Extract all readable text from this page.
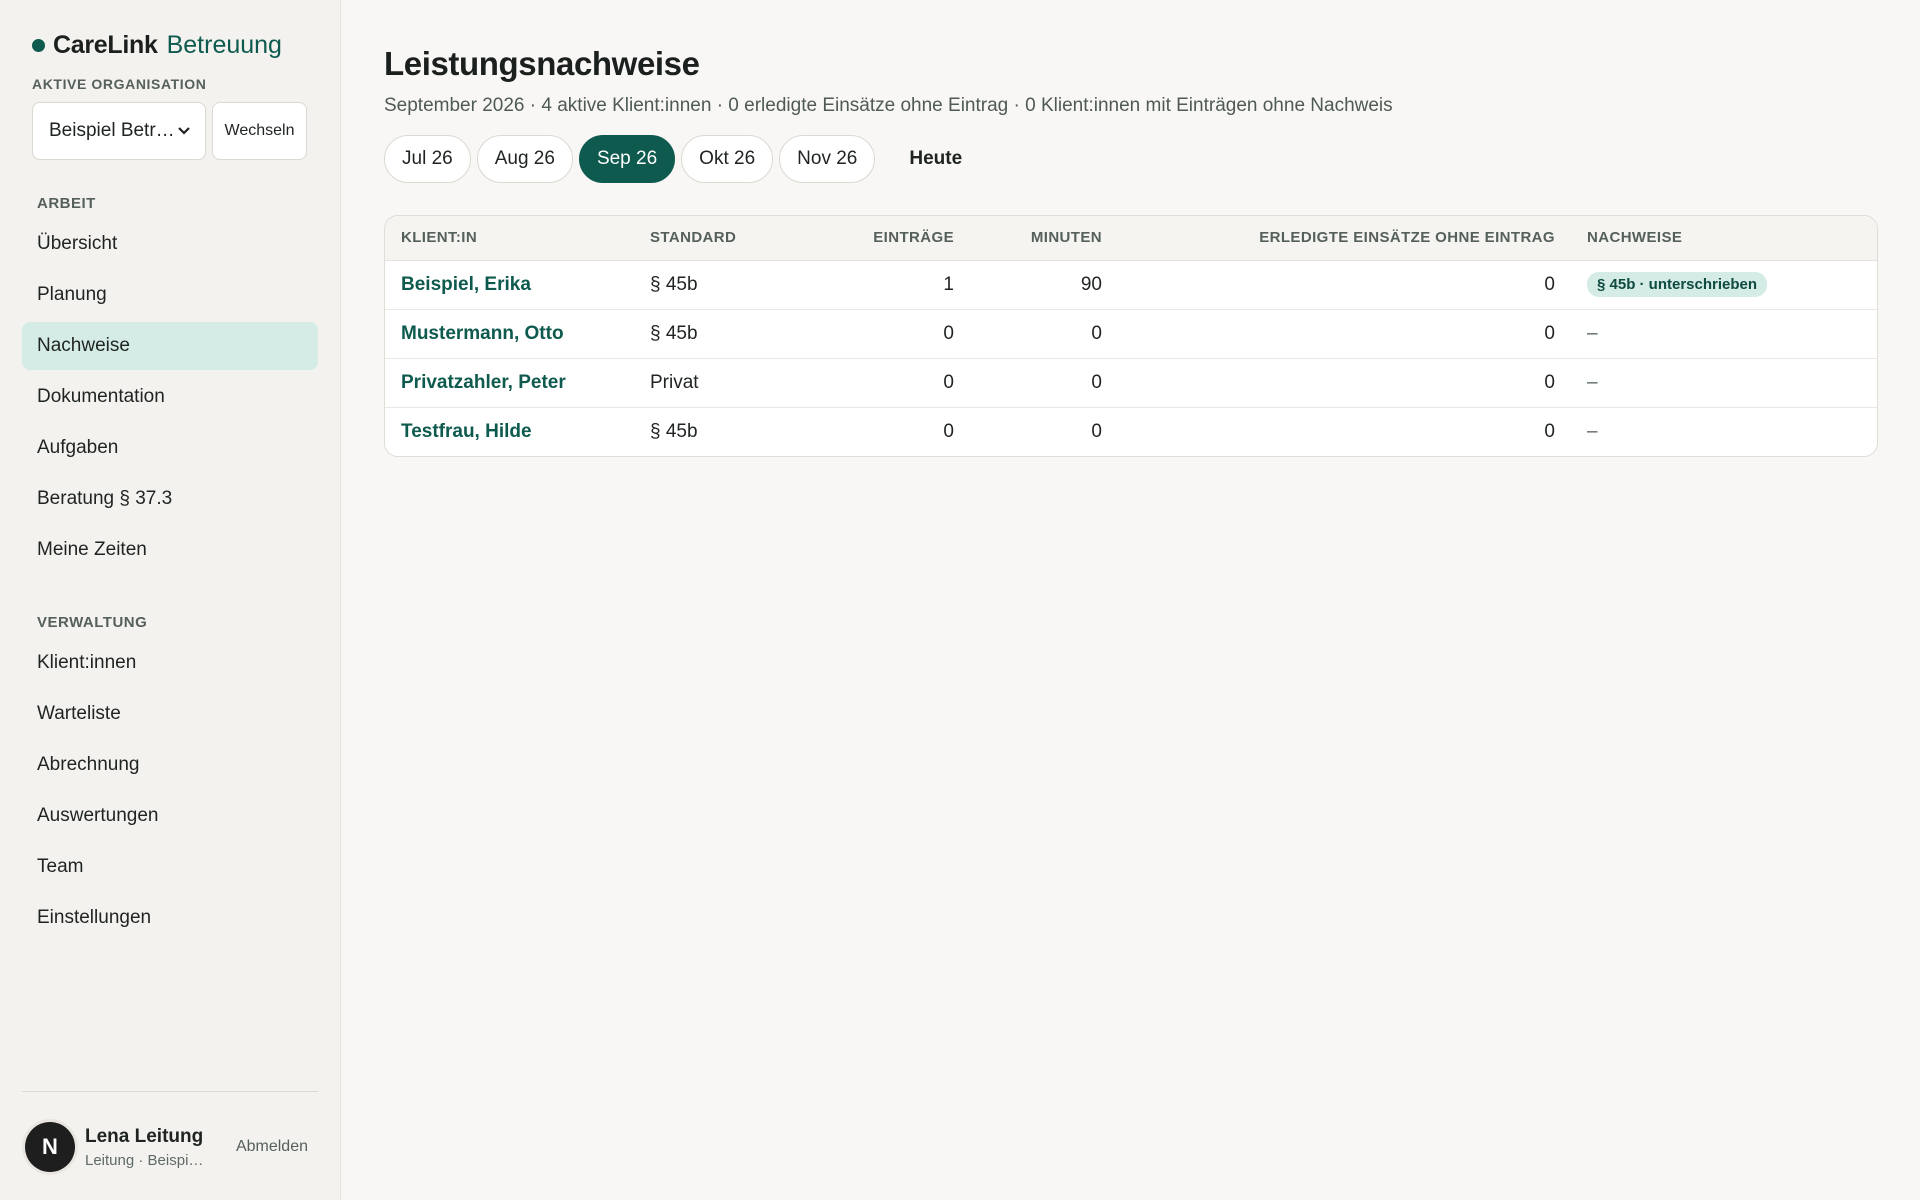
CareLink Betreuung
AKTIVE ORGANISATION
Beispiel Betr…	Wechseln
ARBEIT
Übersicht
Planung
Nachweise
Dokumentation
Aufgaben
Beratung § 37.3
Meine Zeiten
VERWALTUNG
Klient:innen
Warteliste
Abrechnung
Auswertungen
Team
Einstellungen
N	Lena Leitung
Leitung · Beispi…
Abmelden
Leistungsnachweise
September 2026 · 4 aktive Klient:innen · 0 erledigte Einsätze ohne Eintrag · 0 Klient:innen mit Einträgen ohne Nachweis
Jul 26	Aug 26	Sep 26	Okt 26	Nov 26	Heute
KLIENT:IN	STANDARD	EINTRÄGE	MINUTEN	ERLEDIGTE EINSÄTZE OHNE EINTRAG	NACHWEISE
Beispiel, Erika	§ 45b	1	90	0	§ 45b · unterschrieben
Mustermann, Otto	§ 45b	0	0	0	–
Privatzahler, Peter	Privat	0	0	0	–
Testfrau, Hilde	§ 45b	0	0	0	–
